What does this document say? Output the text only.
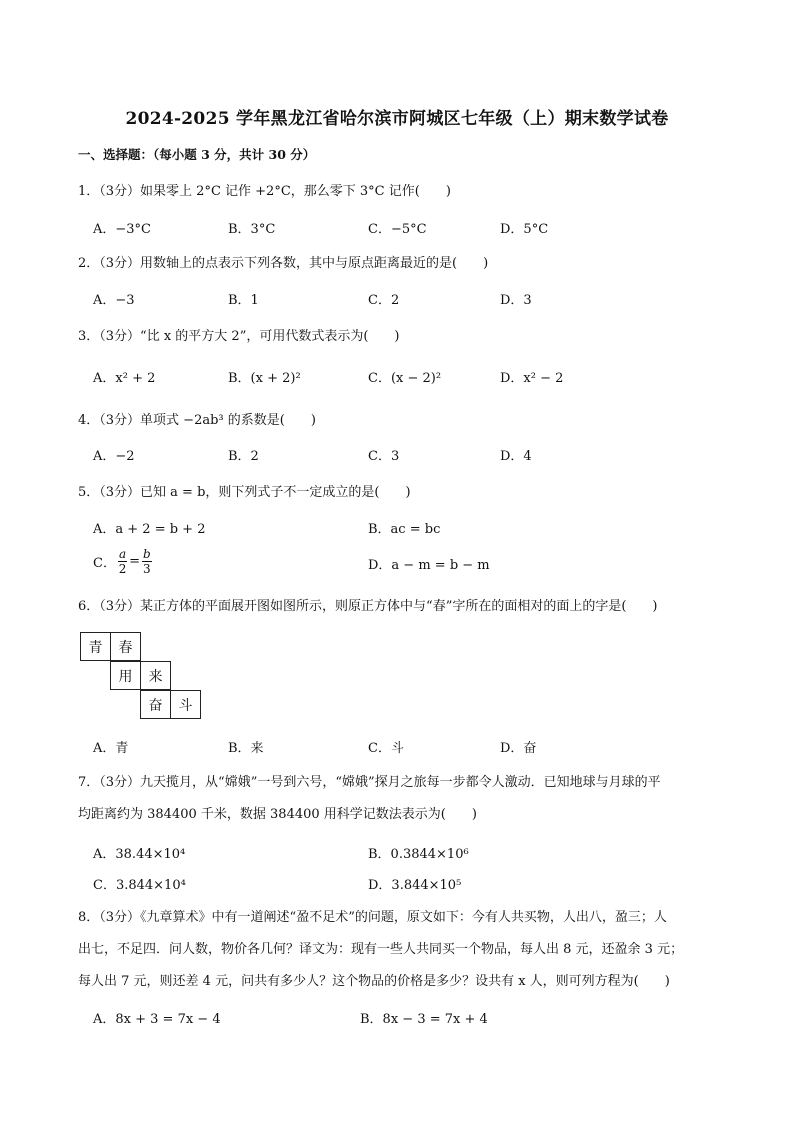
2024-2025 学年黑龙江省哈尔滨市阿城区七年级（上）期末数学试卷
一、选择题：（每小题 3 分，共计 30 分）
1．（3分）如果零上 2°C 记作 +2°C，那么零下 3°C 记作(　　)
A．−3°C	B．3°C	C．−5°C	D．5°C
2．（3分）用数轴上的点表示下列各数，其中与原点距离最近的是(　　)
A．−3	B．1	C．2	D．3
3．（3分）“比 x 的平方大 2”，可用代数式表示为(　　)
A．x² + 2	B．(x + 2)²	C．(x − 2)²	D．x² − 2
4．（3分）单项式 −2ab³ 的系数是(　　)
A．−2	B．2	C．3	D．4
5．（3分）已知 a = b，则下列式子不一定成立的是(　　)
A．a + 2 = b + 2	B．ac = bc
C． $\frac{a}{2} = \frac{b}{3}$	D．a − m = b − m
6．（3分）某正方体的平面展开图如图所示，则原正方体中与“春”字所在的面相对的面上的字是(　　)
青	春
用	来
奋	斗
A．青	B．来	C．斗	D．奋
7．（3分）九天揽月，从“嫦娥”一号到六号，“嫦娥”探月之旅每一步都令人激动．已知地球与月球的平
均距离约为 384400 千米，数据 384400 用科学记数法表示为(　　)
A．38.44×10⁴	B．0.3844×10⁶
C．3.844×10⁴	D．3.844×10⁵
8．（3分）《九章算术》中有一道阐述“盈不足术”的问题，原文如下：今有人共买物，人出八，盈三；人
出七，不足四．问人数，物价各几何？译文为：现有一些人共同买一个物品，每人出 8 元，还盈余 3 元；
每人出 7 元，则还差 4 元，问共有多少人？这个物品的价格是多少？设共有 x 人，则可列方程为(　　)
A．8x + 3 = 7x − 4	B．8x − 3 = 7x + 4
